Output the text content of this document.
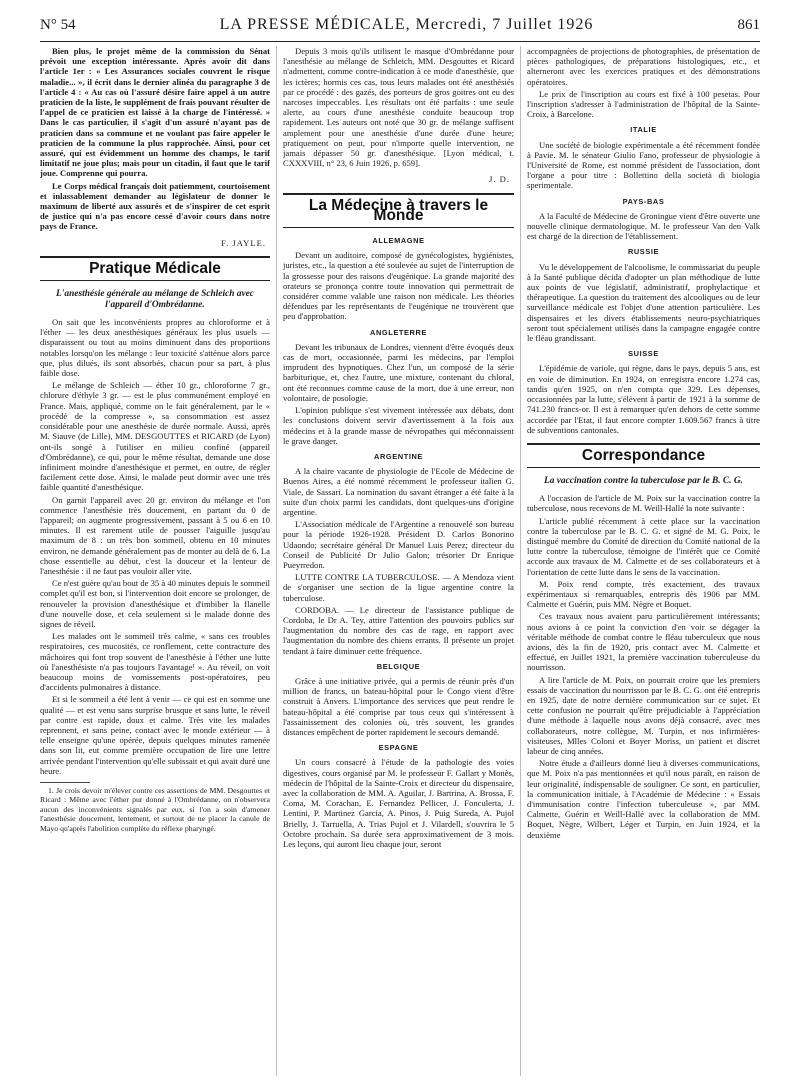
N° 54	LA PRESSE MÉDICALE, Mercredi, 7 Juillet 1926	861

Bien plus, le projet même de la commission du Sénat prévoit une exception intéressante. Après avoir dit dans l'article 1er : « Les Assurances sociales couvrent le risque maladie... », il écrit dans le dernier alinéa du paragraphe 3 de l'article 4 : « Au cas où l'assuré désire faire appel à un autre praticien de la liste, le supplément de frais pouvant résulter de l'appel de ce praticien est laissé à la charge de l'intéressé. » Dans le cas particulier, il s'agit d'un assuré n'ayant pas de praticien dans sa commune et ne voulant pas faire appeler le praticien de la commune la plus rapprochée. Ainsi, pour cet assuré, qui est évidemment un homme des champs, le tarif limitatif ne joue plus; mais pour un citadin, il faut que le tarif joue. Comprenne qui pourra.

Le Corps médical français doit patiemment, courtoisement et inlassablement demander au législateur de donner le maximum de liberté aux assurés et de s'inspirer de cet esprit de justice qui n'a pas encore cessé d'avoir cours dans notre pays de France.

F. JAYLE.
Pratique Médicale
L'anesthésie générale au mélange de Schleich avec l'appareil d'Ombrédanne.

On sait que les inconvénients propres au chloroforme et à l'éther — les deux anesthésiques généraux les plus usuels — disparaissent ou tout au moins diminuent dans des proportions notables lorsqu'on les mélange : leur toxicité s'atténue alors parce que, plus dilués, ils sont absorbés, chacun pour sa part, à plus faible dose.

Le mélange de Schleich — éther 10 gr., chloroforme 7 gr., chlorure d'éthyle 3 gr. — est le plus communément employé en France. Mais, appliqué, comme on le fait généralement, par le « procédé de la compresse », sa consommation est assez considérable pour une anesthésie de durée normale. Aussi, après M. Siauve (de Lille), MM. DESGOUTTES et RICARD (de Lyon) ont-ils songé à l'utiliser en milieu confiné (appareil d'Ombrédanne), ce qui, pour le même résultat, demande une dose infiniment moindre d'anesthésique et permet, en outre, de régler facilement cette dose. Ainsi, le malade peut dormir avec une très faible quantité d'anesthésique.

On garnit l'appareil avec 20 gr. environ du mélange et l'on commence l'anesthésie très doucement, en partant du 0 de l'appareil; on augmente progressivement, passant à 5 ou 6 en 10 minutes. Il est rarement utile de pousser l'aiguille jusqu'au maximum de 8 : un très bon sommeil, obtenu en 10 minutes environ, ne demande généralement pas de monter au delà de 6. La chose essentielle au début, c'est la douceur et la lenteur de l'anesthésie : il ne faut pas vouloir aller vite.

Ce n'est guère qu'au bout de 35 à 40 minutes depuis le sommeil complet qu'il est bon, si l'intervention doit encore se prolonger, de renouveler la provision d'anesthésique et d'imbiber la flanelle d'une nouvelle dose, et cela seulement si le malade donne des signes de réveil.

Les malades ont le sommeil très calme, « sans ces troubles respiratoires, ces mucosités, ce ronflement, cette contracture des mâchoires qui font trop souvent de l'anesthésie à l'éther une lutte où l'anesthésiste n'a pas toujours l'avantage¹ ». Au réveil, on voit beaucoup moins de vomissements post-opératoires, peu d'accidents pulmonaires à distance.

Et si le sommeil a été lent à venir — ce qui est en somme une qualité — et est venu sans surprise brusque et sans lutte, le réveil par contre est rapide, doux et calme. Très vite les malades reprennent, et sans peine, contact avec le monde extérieur — à telle enseigne qu'une opérée, depuis quelques minutes ramenée dans son lit, eut comme première occupation de lire une lettre arrivée pendant l'intervention qu'elle subissait et qui avait duré une heure.

1. Je crois devoir m'élever contre ces assertions de MM. Desgouttes et Ricard : Même avec l'éther pur donné à l'Ombrédanne, on n'observera aucun des inconvénients signalés par eux, si l'on a soin d'amener l'anesthésie doucement, lentement, et surtout de ne placer la canule de Mayo qu'après l'abolition complète du réflexe pharyngé.

Depuis 3 mois qu'ils utilisent le masque d'Ombrédanne pour l'anesthésie au mélange de Schleich, MM. Desgouttes et Ricard n'admettent, comme contre-indication à ce mode d'anesthésie, que les ictères; hormis ces cas, tous leurs malades ont été anesthésiés par ce procédé : des gazés, des porteurs de gros goitres ont eu des narcoses impeccables. Les résultats ont été parfaits : une seule alerte, au cours d'une anesthésie conduite beaucoup trop rapidement. Les auteurs ont noté que 30 gr. de mélange suffisent amplement pour une anesthésie d'une durée d'une heure; pratiquement on peut, pour n'importe quelle intervention, ne jamais dépasser 50 gr. d'anesthésique. [Lyon médical, t. CXXXVIII, n° 23, 6 Juin 1926, p. 659].

J. D.
La Médecine à travers le Monde
ALLEMAGNE

Devant un auditoire, composé de gynécologistes, hygiénistes, juristes, etc., la question a été soulevée au sujet de l'interruption de la grossesse pour des raisons d'eugénique. La grande majorité des orateurs se prononça contre toute innovation qui permettrait de considérer comme valable une raison non médicale. Les théories défendues par les représentants de l'eugénique ne trouvèrent que peu d'approbation.

ANGLETERRE

Devant les tribunaux de Londres, viennent d'être évoqués deux cas de mort, occasionnée, parmi les médecins, par l'emploi imprudent des hypnotiques. Chez l'un, un composé de la série barbiturique, et, chez l'autre, une mixture, contenant du chloral, ont été reconnues comme cause de la mort, due à une erreur, non volontaire, de posologie.

L'opinion publique s'est vivement intéressée aux débats, dont les conclusions doivent servir d'avertissement à la fois aux médecins et à la grande masse de névropathes qui méconnaissent le grave danger.

ARGENTINE

A la chaire vacante de physiologie de l'Ecole de Médecine de Buenos Aires, a été nommé récemment le professeur italien G. Viale, de Sassari. La nomination du savant étranger a été faite à la suite d'un choix parmi les candidats, dont quelques-uns d'origine argentine.

L'Association médicale de l'Argentine a renouvelé son bureau pour la période 1926-1928. Président D. Carlos Bonorino Udaondo; secrétaire général Dr Manuel Luis Perez; directeur du Conseil de Publicité Dr Julio Galon; trésorier Dr Enrique Pueyrredon.

LUTTE CONTRE LA TUBERCULOSE. — A Mendoza vient de s'organiser une section de la ligue argentine contre la tuberculose.

CORDOBA. — Le directeur de l'assistance publique de Cordoba, le Dr A. Tey, attire l'attention des pouvoirs publics sur l'augmentation du nombre des cas de rage, en rapport avec l'augmentation du nombre des chiens errants. Il présente un projet tendant à faire diminuer cette fréquence.

BELGIQUE

Grâce à une initiative privée, qui a permis de réunir près d'un million de francs, un bateau-hôpital pour le Congo vient d'être construit à Anvers. L'importance des services que peut rendre le bateau-hôpital a été comprise par tous ceux qui s'intéressent à l'assainissement des colonies où, très souvent, les grandes distances empêchent de porter rapidement le secours demandé.

ESPAGNE

Un cours consacré à l'étude de la pathologie des voies digestives, cours organisé par M. le professeur F. Gallart y Monès, médecin de l'hôpital de la Sainte-Croix et directeur du dispensaire, avec la collaboration de MM. A. Aguilar, J. Bartrina, A. Brossa, F. Coma, M. Corachan, E. Fernandez Pellicer, J. Fonculerta, J. Lentini, P. Martinez Garcia, A. Pinos, J. Puig Sureda, A. Pujol Brielly, J. Tarruella, A. Trias Pujol et J. Vilardell, s'ouvrira le 5 Octobre prochain. Sa durée sera approximativement de 3 mois. Les leçons, qui auront lieu chaque jour, seront

accompagnées de projections de photographies, de présentation de pièces pathologiques, de préparations histologiques, etc., et alterneront avec les exercices pratiques et des démonstrations opératoires.

Le prix de l'inscription au cours est fixé à 100 pesetas. Pour l'inscription s'adresser à l'administration de l'hôpital de la Sainte-Croix, à Barcelone.

ITALIE

Une société de biologie expérimentale a été récemment fondée à Pavie. M. le sénateur Giulio Fano, professeur de physiologie à l'Université de Rome, est nommé président de l'association, dont l'organe a pour titre : Bollettino della società di biologia sperimentale.

PAYS-BAS

A la Faculté de Médecine de Groningue vient d'être ouverte une nouvelle clinique dermatologique. M. le professeur Van den Valk est chargé de la direction de l'établissement.

RUSSIE

Vu le développement de l'alcoolisme, le commissariat du peuple à la Santé publique décida d'adopter un plan méthodique de lutte aux points de vue législatif, administratif, prophylactique et thérapeutique. La question du traitement des alcooliques ou de leur surveillance médicale est l'objet d'une attention particulière. Les dispensaires et les divers établissements neuro-psychiatriques seront tout spécialement utilisés dans la campagne engagée contre le fléau grandissant.

SUISSE

L'épidémie de variole, qui règne, dans le pays, depuis 5 ans, est en voie de diminution. En 1924, on enregistra encore 1.274 cas, tandis qu'en 1925, on n'en compta que 329. Les dépenses, occasionnées par la lutte, s'élèvent à partir de 1921 à la somme de 741.230 francs-or. Il est à remarquer qu'en dehors de cette somme accordée par l'Etat, il faut encore compter 1.609.567 francs à titre de subventions cantonales.

Correspondance
La vaccination contre la tuberculose par le B. C. G.

A l'occasion de l'article de M. Poix sur la vaccination contre la tuberculose, nous recevons de M. Weill-Hallé la note suivante :

L'article publié récemment à cette place sur la vaccination contre la tuberculose par le B. C. G. et signé de M. G. Poix, le distingué membre du Comité de direction du Comité national de la lutte contre la tuberculose, témoigne de l'intérêt que ce Comité accorde aux travaux de M. Calmette et de ses collaborateurs et à l'orientation de cette lutte dans le sens de la vaccination.

M. Poix rend compte, très exactement, des travaux expérimentaux si remarquables, entrepris dès 1906 par MM. Calmette et Guérin, puis MM. Nègre et Boquet.

Ces travaux nous avaient paru particulièrement intéressants; nous avions à ce point la conviction d'en voir se dégager la véritable méthode de combat contre le fléau tuberculeux que nous avions, dès la fin de 1920, pris contact avec M. Calmette et effectué, en Juillet 1921, la première vaccination tuberculeuse du nourrisson.

A lire l'article de M. Poix, on pourrait croire que les premiers essais de vaccination du nourrisson par le B. C. G. ont été entrepris en 1925, date de notre dernière communication sur ce sujet. Et cette confusion ne pourrait qu'être préjudiciable à l'appréciation d'une méthode à laquelle nous avons déjà consacré, avec mes collaborateurs, notre collègue, M. Turpin, et nos infirmières-visiteuses, Mlles Coloni et Boyer Moriss, un patient et discret labeur de cinq années.

Notre étude a d'ailleurs donné lieu à diverses communications, que M. Poix n'a pas mentionnées et qu'il nous paraît, en raison de leur originalité, indispensable de souligner. Ce sont, en particulier, la communication initiale, à l'Académie de Médecine : « Essais d'immunisation contre l'infection tuberculeuse », par MM. Calmette, Guérin et Weill-Hallé avec la collaboration de MM. Boquet, Nègre, Wilbert, Léger et Turpin, en Juin 1924, et la deuxième
